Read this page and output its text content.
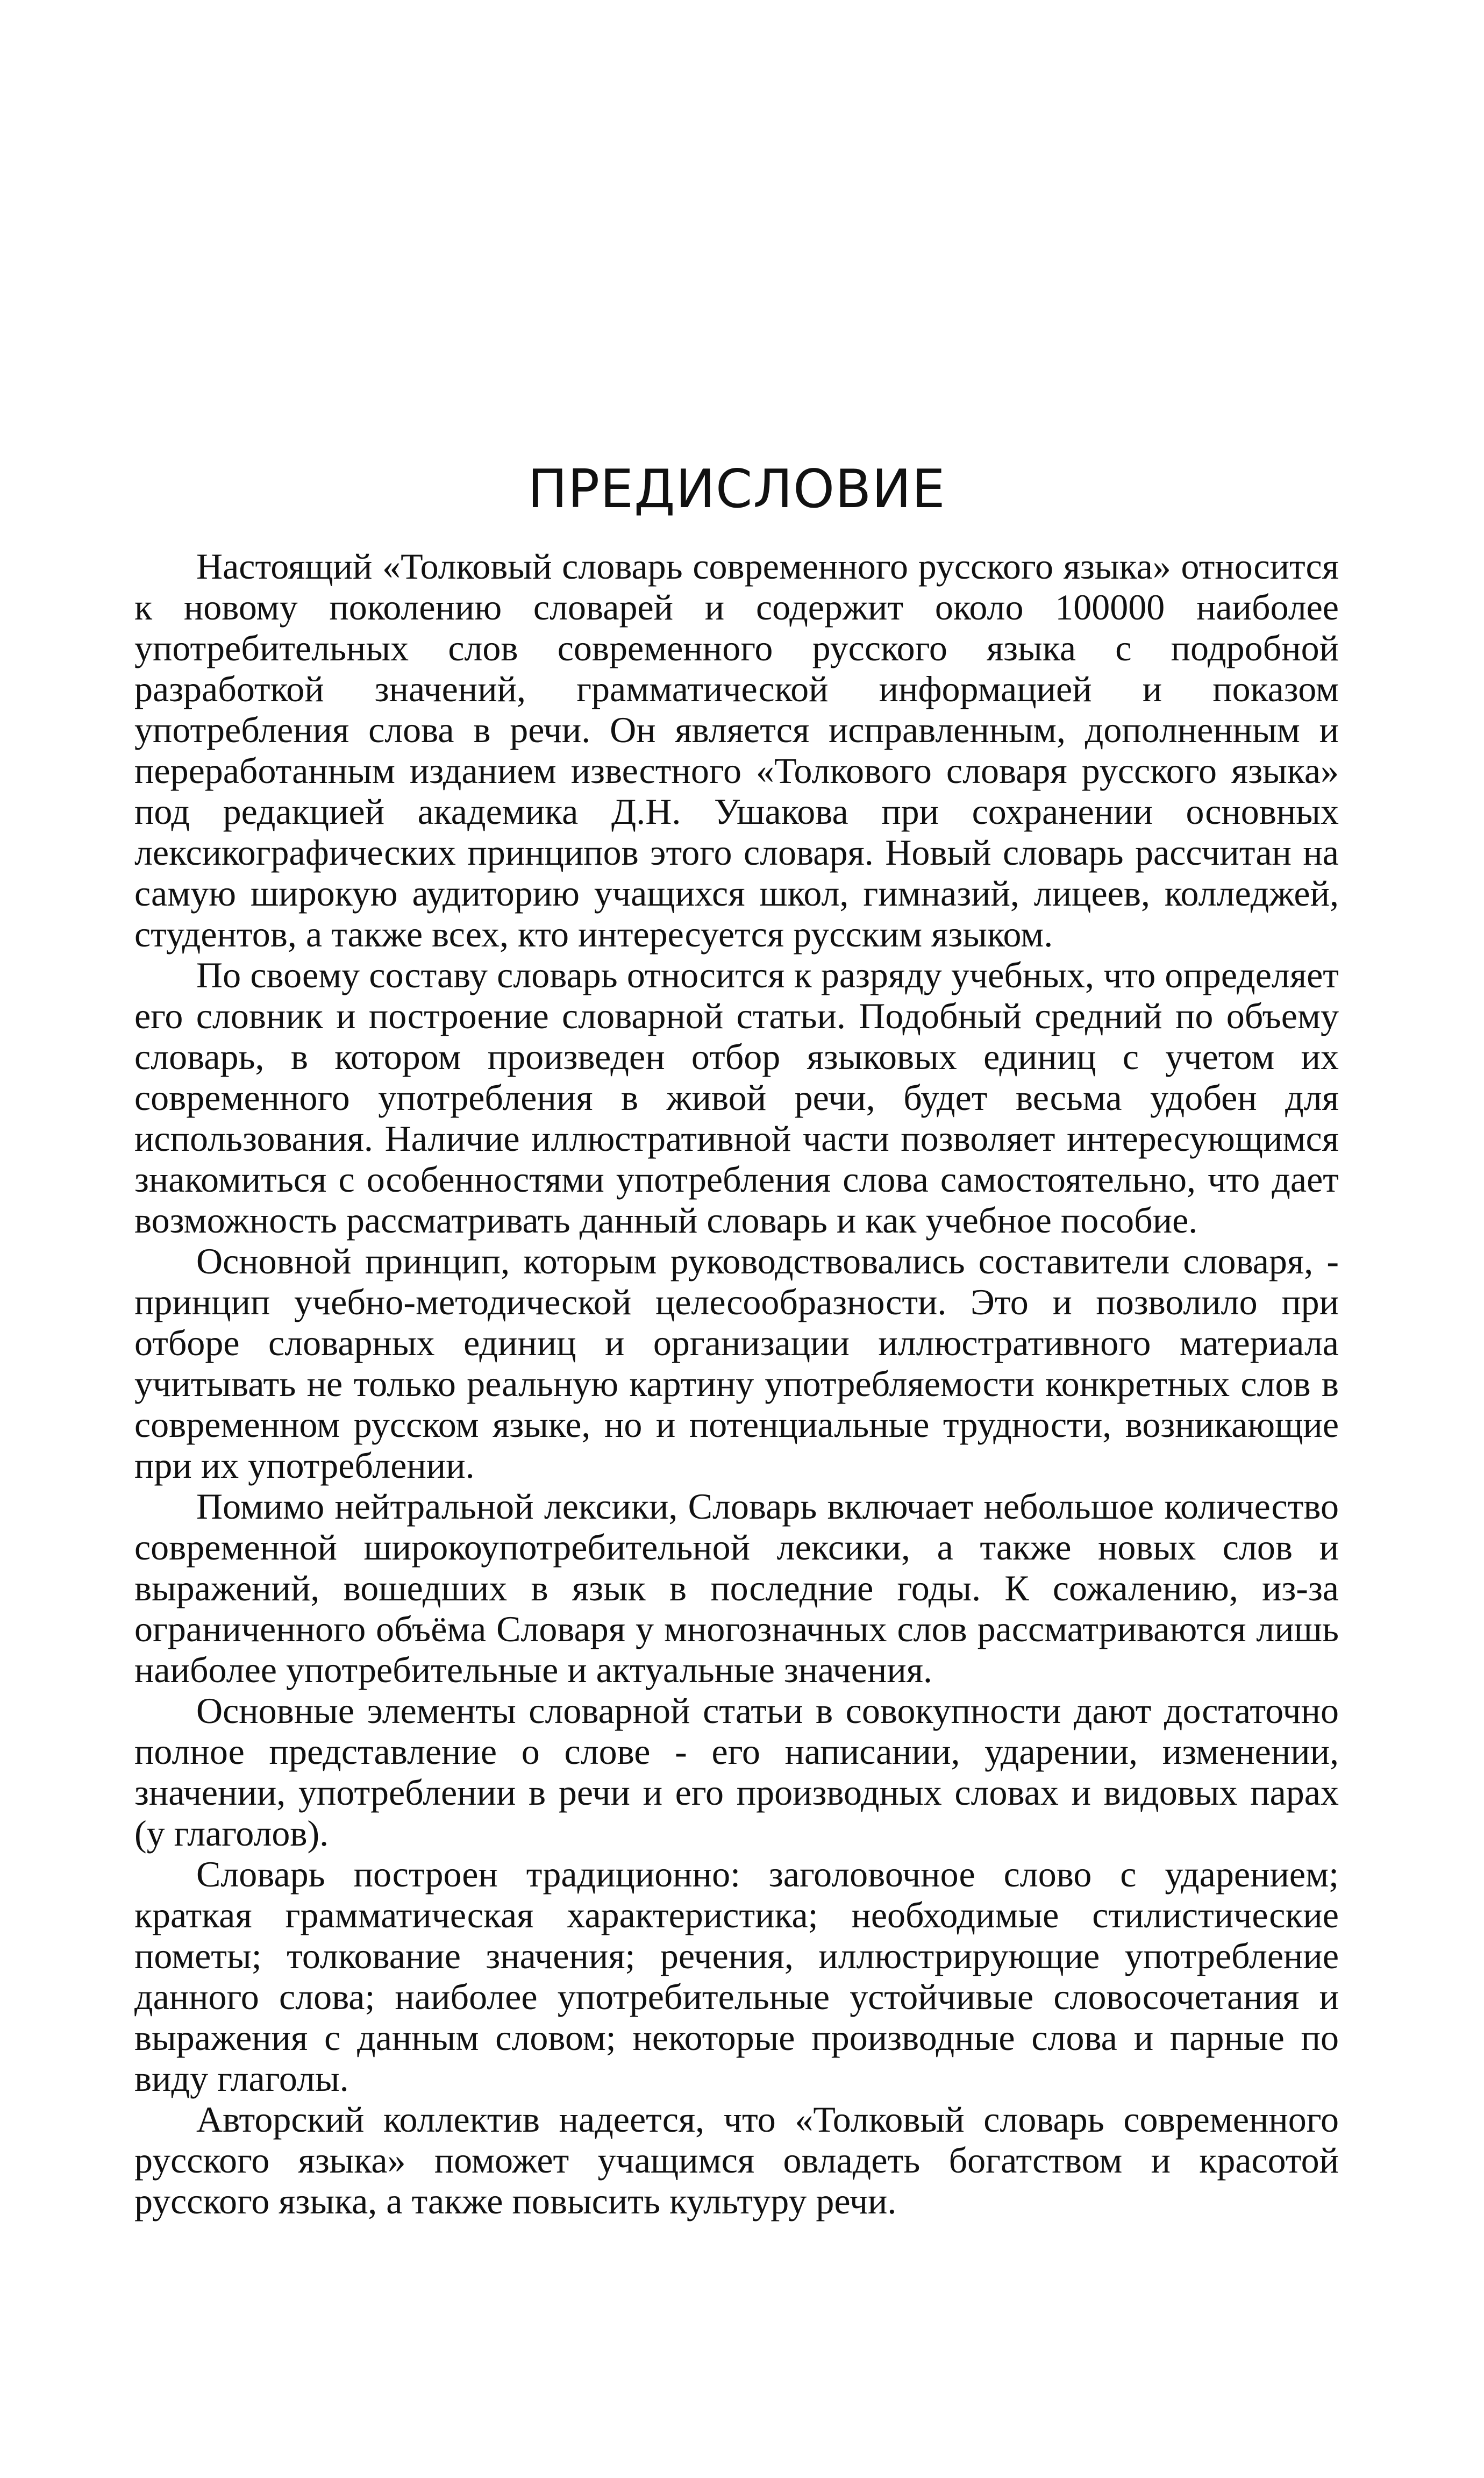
ПРЕДИСЛОВИЕ

Настоящий «Толковый словарь современного русского языка» относится к новому поколению словарей и содержит около 100000 наиболее употребительных слов современного русского языка с подробной разработкой значений, грамматической информацией и показом употребления слова в речи. Он является исправленным, дополненным и переработанным изданием известного «Толкового словаря русского языка» под редакцией академика Д.Н. Ушакова при сохранении основных лексикографических принципов этого словаря. Новый словарь рассчитан на самую широкую аудиторию учащихся школ, гимназий, лицеев, колледжей, студентов, а также всех, кто интересуется русским языком.

По своему составу словарь относится к разряду учебных, что определяет его словник и построение словарной статьи. Подобный средний по объему словарь, в котором произведен отбор языковых единиц с учетом их современного употребления в живой речи, будет весьма удобен для использования. Наличие иллюстративной части позволяет интересующимся знакомиться с особенностями употребления слова самостоятельно, что дает возможность рассматривать данный словарь и как учебное пособие.

Основной принцип, которым руководствовались составители словаря, - принцип учебно-методической целесообразности. Это и позволило при отборе словарных единиц и организации иллюстративного материала учитывать не только реальную картину употребляемости конкретных слов в современном русском языке, но и потенциальные трудности, возникающие при их употреблении.

Помимо нейтральной лексики, Словарь включает небольшое количество современной широкоупотребительной лексики, а также новых слов и выражений, вошедших в язык в последние годы. К сожалению, из-за ограниченного объёма Словаря у многозначных слов рассматриваются лишь наиболее употребительные и актуальные значения.

Основные элементы словарной статьи в совокупности дают достаточно полное представление о слове - его написании, ударении, изменении, значении, употреблении в речи и его производных словах и видовых парах (у глаголов).

Словарь построен традиционно: заголовочное слово с ударением; краткая грамматическая характеристика; необходимые стилистические пометы; толкование значения; речения, иллюстрирующие употребление данного слова; наиболее употребительные устойчивые словосочетания и выражения с данным словом; некоторые производные слова и парные по виду глаголы.

Авторский коллектив надеется, что «Толковый словарь современного русского языка» поможет учащимся овладеть богатством и красотой русского языка, а также повысить культуру речи.
